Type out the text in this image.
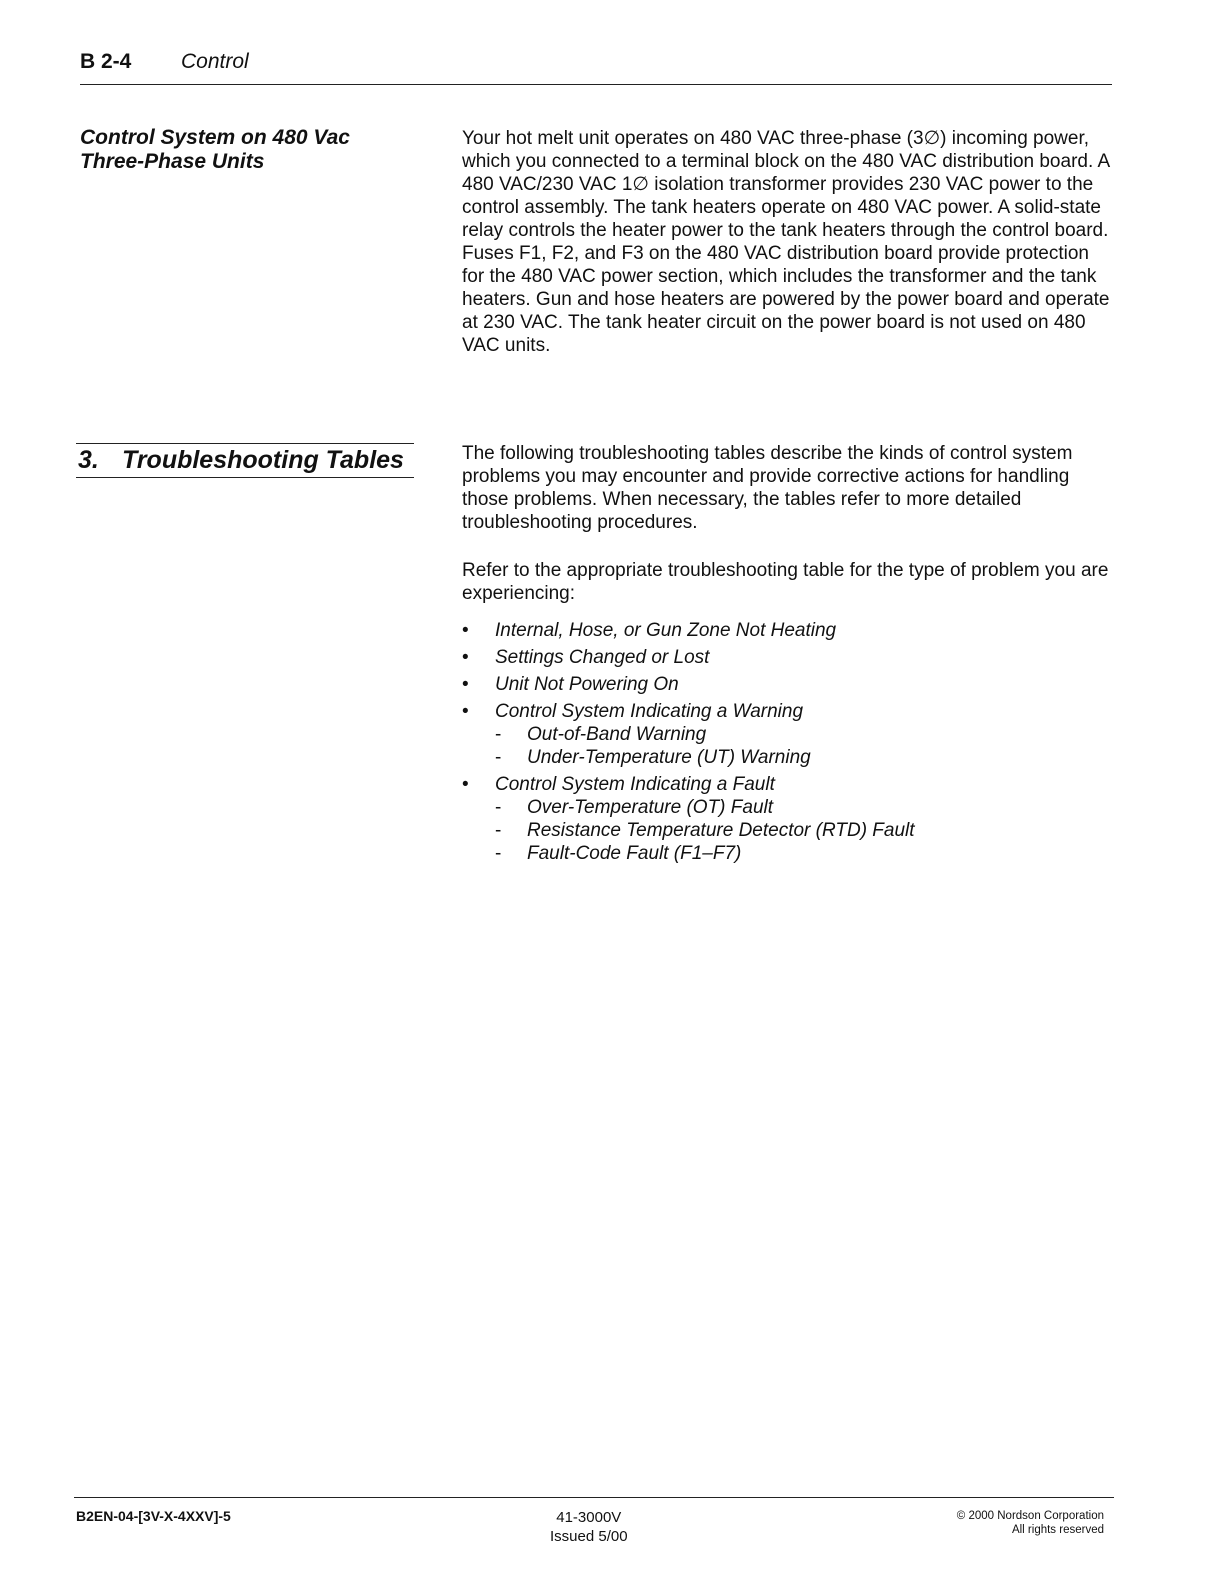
B 2-4 Control
Control System on 480 Vac
Three-Phase Units

Your hot melt unit operates on 480 VAC three-phase (3∅) incoming power, which you connected to a terminal block on the 480 VAC distribution board. A 480 VAC/230 VAC 1∅ isolation transformer provides 230 VAC power to the control assembly. The tank heaters operate on 480 VAC power. A solid-state relay controls the heater power to the tank heaters through the control board. Fuses F1, F2, and F3 on the 480 VAC distribution board provide protection for the 480 VAC power section, which includes the transformer and the tank heaters. Gun and hose heaters are powered by the power board and operate at 230 VAC. The tank heater circuit on the power board is not used on 480 VAC units.

3. Troubleshooting Tables	The following troubleshooting tables describe the kinds of control system problems you may encounter and provide corrective actions for handling those problems. When necessary, the tables refer to more detailed troubleshooting procedures.

Refer to the appropriate troubleshooting table for the type of problem you are experiencing:

• Internal, Hose, or Gun Zone Not Heating
• Settings Changed or Lost
• Unit Not Powering On
• Control System Indicating a Warning
- Out-of-Band Warning
- Under-Temperature (UT) Warning
• Control System Indicating a Fault
- Over-Temperature (OT) Fault
- Resistance Temperature Detector (RTD) Fault
- Fault-Code Fault (F1–F7)
B2EN-04-[3V-X-4XXV]-5	41-3000V
Issued 5/00
© 2000 Nordson Corporation
All rights reserved
